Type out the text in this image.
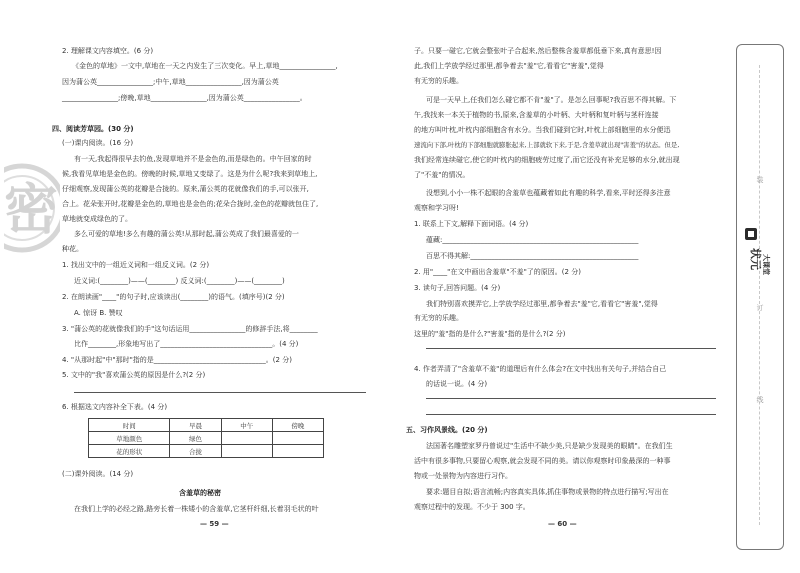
密
2. 理解课文内容填空。(6 分)
《金色的草地》一文中,草地在一天之内发生了三次变化。早上,草地________________,
因为蒲公英________________;中午,草地________________,因为蒲公英
________________;傍晚,草地________________,因为蒲公英________________。
四、阅读芳草园。(30 分)
(一)课内阅读。(16 分)
有一天,我起得很早去钓鱼,发现草地并不是金色的,而是绿色的。中午回家的时
候,我看见草地是金色的。傍晚的时候,草地又变绿了。这是为什么呢?我来到草地上,
仔细观察,发现蒲公英的花瓣是合拢的。原来,蒲公英的花就像我们的手,可以张开,
合上。花朵张开时,花瓣是金色的,草地也是金色的;花朵合拢时,金色的花瓣就包住了,
草地就变成绿色的了。
多么可爱的草地!多么有趣的蒲公英!从那时起,蒲公英成了我们最喜爱的一
种花。
1. 找出文中的一组近义词和一组反义词。(2 分)
近义词:(________)——(________) 反义词:(________)——(________)
2. 在朗读画"____"的句子时,应该读出(________)的语气。(填序号)(2 分)
A. 惊讶 B. 赞叹
3. "蒲公英的花就像我们的手"这句话运用________________的修辞手法,将________
比作________,形象地写出了________________________________。(4 分)
4. "从那时起"中"那时"指的是________________________________。(2 分)
5. 文中的"我"喜欢蒲公英的原因是什么?(2 分)
6. 根据选文内容补全下表。(4 分)
时间	早晨	中午	傍晚
草地颜色	绿色		
花的形状	合拢		
(二)课外阅读。(14 分)
含羞草的秘密
在我们上学的必经之路,路旁长着一株矮小的含羞草,它茎杆纤细,长着羽毛状的叶
— 59 —
子。只要一碰它,它就会整张叶子合起来,然后整株含羞草都低垂下来,真有意思!因
此,我们上学放学经过那里,都争着去"羞"它,看看它"害羞",觉得
有无穷的乐趣。
可是一天早上,任我们怎么碰它都不肯"羞"了。是怎么回事呢?我百思不得其解。下
午,我找来一本关于植物的书,原来,含羞草的小叶柄、大叶柄和复叶柄与茎秆连接
的地方叫叶枕,叶枕内部细胞含有水分。当我们碰到它时,叶枕上部细胞里的水分便迅
速流向下部,叶枕的下部细胞就膨胀起来,上部就软下来,于是,含羞草就出现"害羞"的状态。但是,
我们经常连续碰它,使它的叶枕内的细胞疲劳过度了,而它还没有补充足够的水分,就出现
了"不羞"的情况。
没想到,小小一株不起眼的含羞草也蕴藏着如此有趣的科学,看来,平时还得多注意
观察和学习呀!
1. 联系上下文,解释下面词语。(4 分)
蕴藏:________________________________________________________
百思不得其解:________________________________________________
2. 用"____"在文中画出含羞草"不羞"了的原因。(2 分)
3. 读句子,回答问题。(4 分)
我们特别喜欢摸弄它,上学放学经过那里,都争着去"羞"它,看看它"害羞",觉得
有无穷的乐趣。
这里的"羞"指的是什么?"害羞"指的是什么?(2 分)
4. 作者弄清了"含羞草不羞"的道理后有什么体会?在文中找出有关句子,并结合自己
的话说一说。(4 分)
五、习作风景线。(20 分)
法国著名雕塑家罗丹曾说过"生活中不缺少美,只是缺少发现美的眼睛"。在我们生
活中有很多事物,只要留心观察,就会发现不同的美。请以你观察时印象最深的一种事
物或一处景物为内容进行习作。
要求:题目自拟;语言流畅;内容真实具体,抓住事物或景物的特点进行描写;写出在
观察过程中的发现。不少于 300 字。
— 60 —
装
订
线
状元 大课堂
